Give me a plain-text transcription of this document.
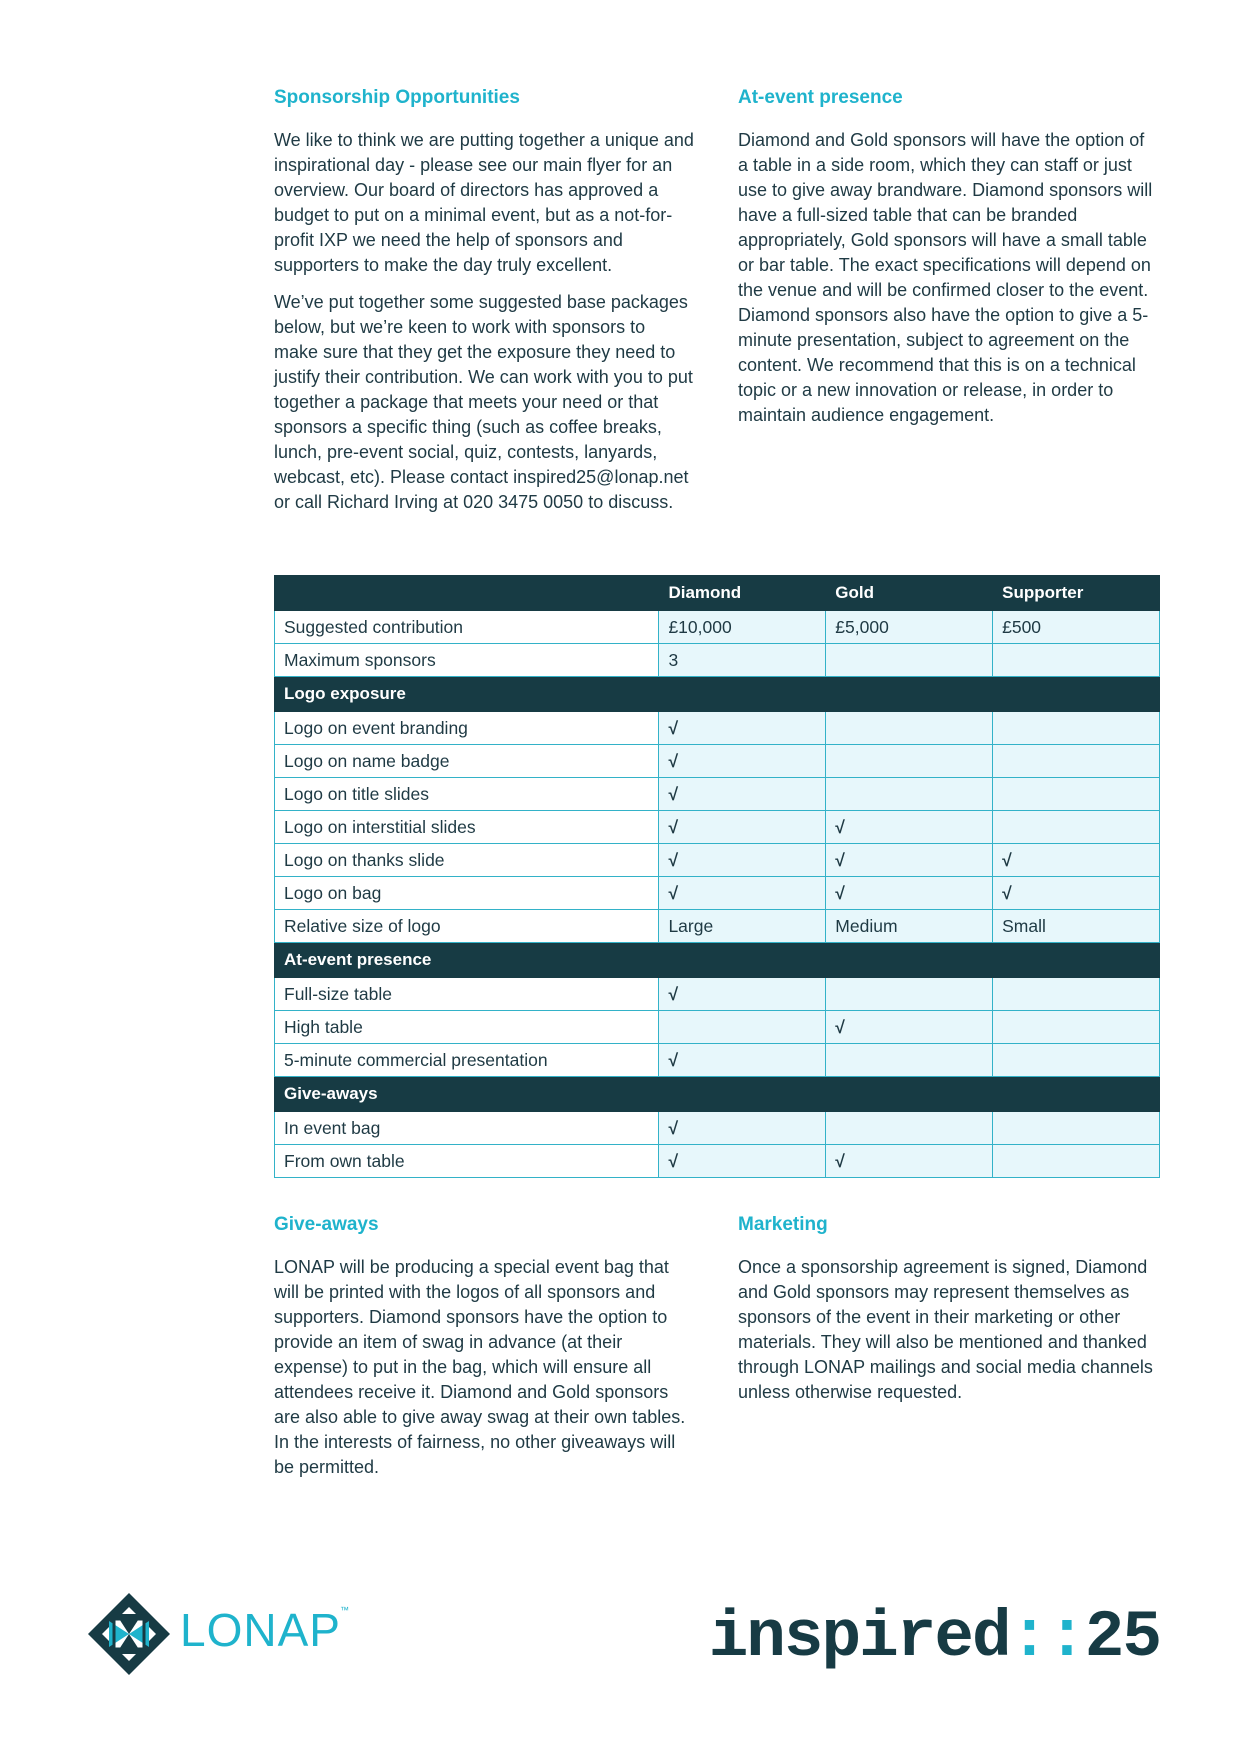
Sponsorship Opportunities

We like to think we are putting together a unique and inspirational day - please see our main flyer for an overview. Our board of directors has approved a budget to put on a minimal event, but as a not-for-profit IXP we need the help of sponsors and supporters to make the day truly excellent.

We’ve put together some suggested base packages below, but we’re keen to work with sponsors to make sure that they get the exposure they need to justify their contribution. We can work with you to put together a package that meets your need or that sponsors a specific thing (such as coffee breaks, lunch, pre-event social, quiz, contests, lanyards, webcast, etc). Please contact inspired25@lonap.net or call Richard Irving at 020 3475 0050 to discuss.

At-event presence

Diamond and Gold sponsors will have the option of a table in a side room, which they can staff or just use to give away brandware. Diamond sponsors will have a full-sized table that can be branded appropriately, Gold sponsors will have a small table or bar table. The exact specifications will depend on the venue and will be confirmed closer to the event. Diamond sponsors also have the option to give a 5-minute presentation, subject to agreement on the content. We recommend that this is on a technical topic or a new innovation or release, in order to maintain audience engagement.

	Diamond	Gold	Supporter
Suggested contribution	£10,000	£5,000	£500
Maximum sponsors	3		
Logo exposure			
Logo on event branding	√		
Logo on name badge	√		
Logo on title slides	√		
Logo on interstitial slides	√	√	
Logo on thanks slide	√	√	√
Logo on bag	√	√	√
Relative size of logo	Large	Medium	Small
At-event presence			
Full-size table	√		
High table		√	
5-minute commercial presentation	√		
Give-aways			
In event bag	√		
From own table	√	√	
Give-aways

LONAP will be producing a special event bag that will be printed with the logos of all sponsors and supporters. Diamond sponsors have the option to provide an item of swag in advance (at their expense) to put in the bag, which will ensure all attendees receive it. Diamond and Gold sponsors are also able to give away swag at their own tables. In the interests of fairness, no other giveaways will be permitted.

Marketing

Once a sponsorship agreement is signed, Diamond and Gold sponsors may represent themselves as sponsors of the event in their marketing or other materials. They will also be mentioned and thanked through LONAP mailings and social media channels unless otherwise requested.

LONAP ™	inspired::25
